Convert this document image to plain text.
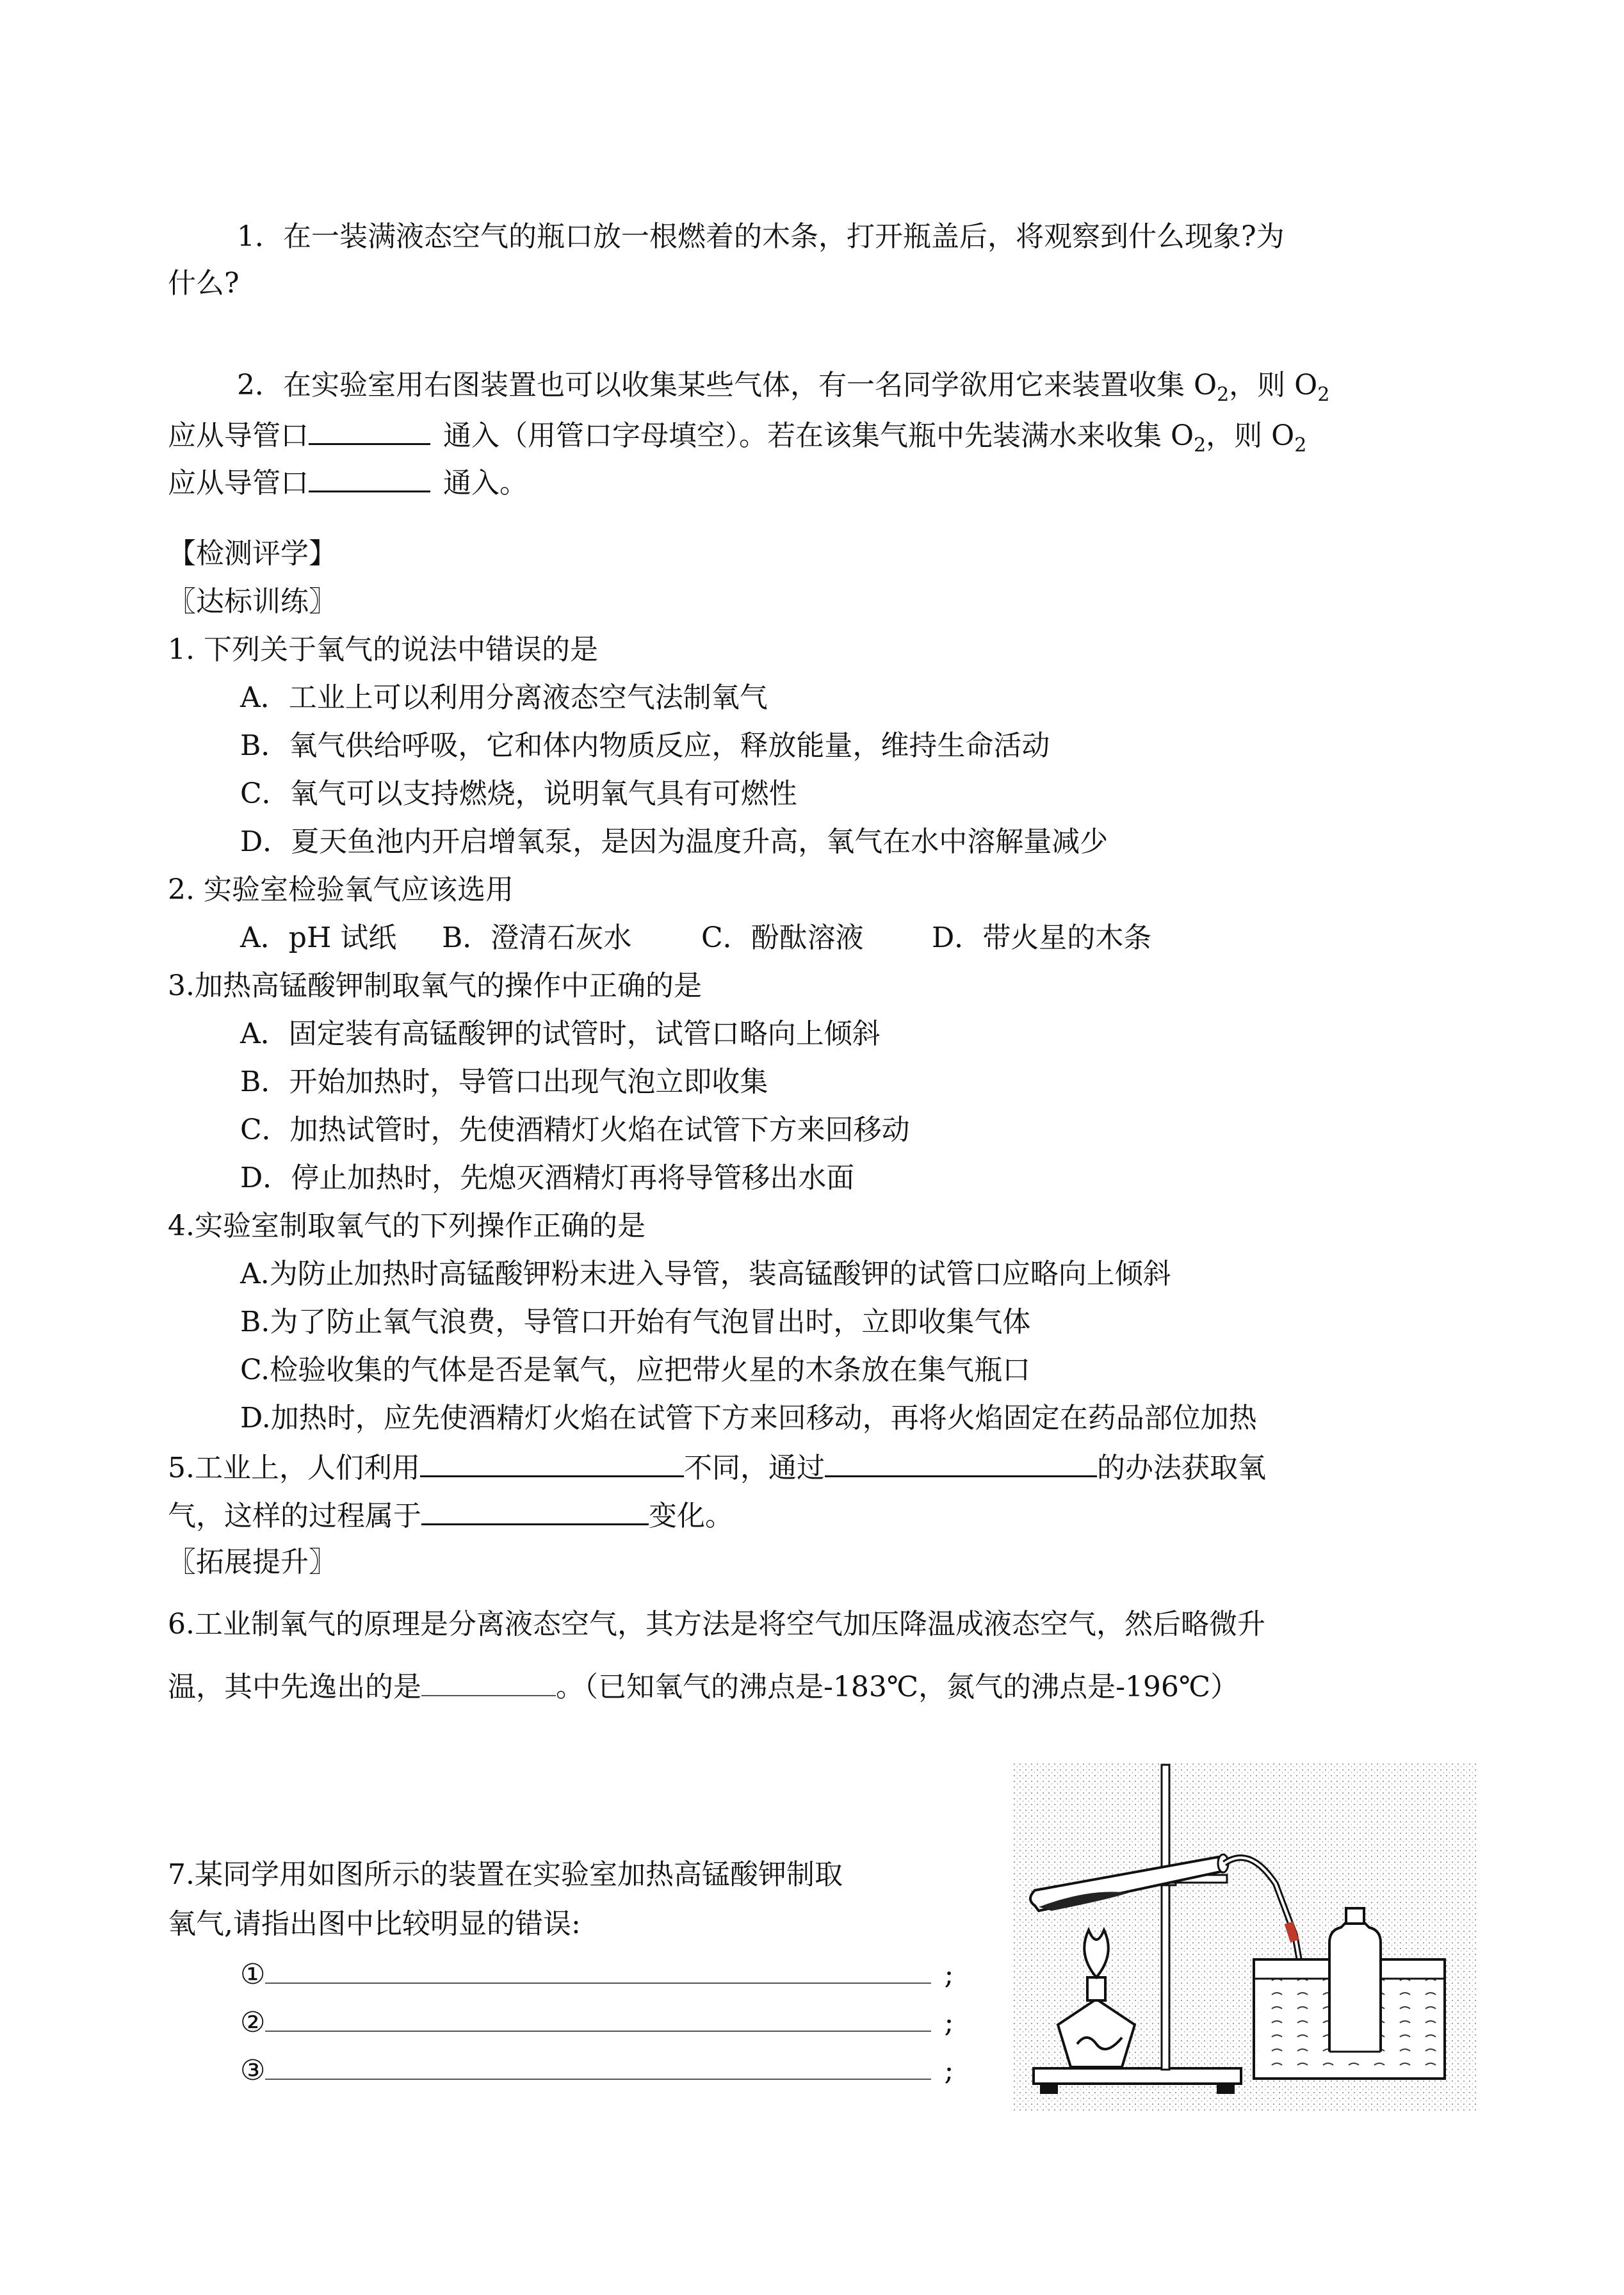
1．在一装满液态空气的瓶口放一根燃着的木条，打开瓶盖后，将观察到什么现象?为
什么?
2．在实验室用右图装置也可以收集某些气体，有一名同学欲用它来装置收集 $O_2$，则 $O_2$
应从导管口	通入（用管口字母填空）。若在该集气瓶中先装满水来收集 $O_2$，则 $O_2$
应从导管口	通入。
【检测评学】
〖达标训练〗
1. 下列关于氧气的说法中错误的是
A．工业上可以利用分离液态空气法制氧气
B．氧气供给呼吸，它和体内物质反应，释放能量，维持生命活动
C．氧气可以支持燃烧，说明氧气具有可燃性
D．夏天鱼池内开启增氧泵，是因为温度升高，氧气在水中溶解量减少
2. 实验室检验氧气应该选用
A．pH 试纸 B．澄清石灰水 C．酚酞溶液 D．带火星的木条
3.加热高锰酸钾制取氧气的操作中正确的是
A．固定装有高锰酸钾的试管时，试管口略向上倾斜
B．开始加热时，导管口出现气泡立即收集
C．加热试管时，先使酒精灯火焰在试管下方来回移动
D．停止加热时，先熄灭酒精灯再将导管移出水面
4.实验室制取氧气的下列操作正确的是
A.为防止加热时高锰酸钾粉末进入导管，装高锰酸钾的试管口应略向上倾斜
B.为了防止氧气浪费，导管口开始有气泡冒出时，立即收集气体
C.检验收集的气体是否是氧气，应把带火星的木条放在集气瓶口
D.加热时，应先使酒精灯火焰在试管下方来回移动，再将火焰固定在药品部位加热
5.工业上，人们利用	不同，通过	的办法获取氧
气，这样的过程属于	变化。
〖拓展提升〗
6.工业制氧气的原理是分离液态空气，其方法是将空气加压降温成液态空气，然后略微升
温，其中先逸出的是	。（已知氧气的沸点是-183℃，氮气的沸点是-196℃）
7.某同学用如图所示的装置在实验室加热高锰酸钾制取
氧气,请指出图中比较明显的错误:
①	;
②	;
③	;
